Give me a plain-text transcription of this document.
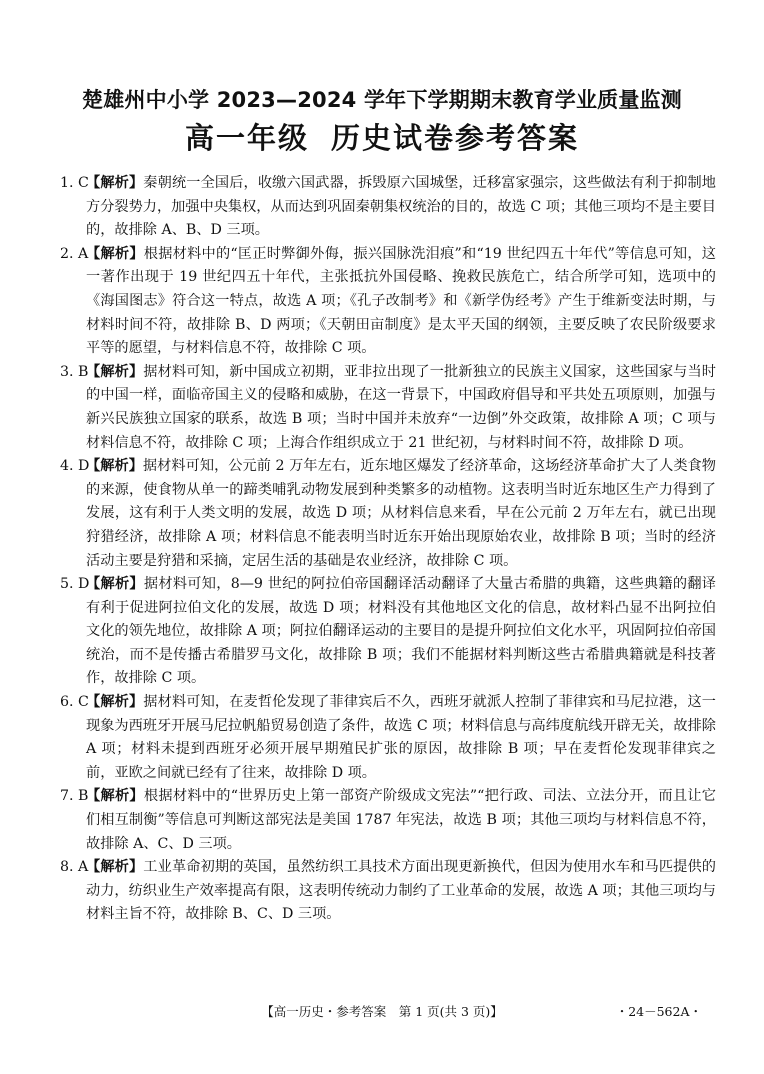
楚雄州中小学 2023—2024 学年下学期期末教育学业质量监测
高一年级 历史试卷参考答案
1. C
【解析】秦朝统一全国后，收缴六国武器，拆毁原六国城堡，迁移富家强宗，这些做法有利于抑制地方分裂势力，加强中央集权，从而达到巩固秦朝集权统治的目的，故选 C 项；其他三项均不是主要目的，故排除 A、B、D 三项。
2. A
【解析】根据材料中的“匡正时弊御外侮，振兴国脉洗泪痕”和“19 世纪四五十年代”等信息可知，这一著作出现于 19 世纪四五十年代，主张抵抗外国侵略、挽救民族危亡，结合所学可知，选项中的《海国图志》符合这一特点，故选 A 项；《孔子改制考》和《新学伪经考》产生于维新变法时期，与材料时间不符，故排除 B、D 两项；《天朝田亩制度》是太平天国的纲领，主要反映了农民阶级要求平等的愿望，与材料信息不符，故排除 C 项。
3. B
【解析】据材料可知，新中国成立初期，亚非拉出现了一批新独立的民族主义国家，这些国家与当时的中国一样，面临帝国主义的侵略和威胁，在这一背景下，中国政府倡导和平共处五项原则，加强与新兴民族独立国家的联系，故选 B 项；当时中国并未放弃“一边倒”外交政策，故排除 A 项；C 项与材料信息不符，故排除 C 项；上海合作组织成立于 21 世纪初，与材料时间不符，故排除 D 项。
4. D
【解析】据材料可知，公元前 2 万年左右，近东地区爆发了经济革命，这场经济革命扩大了人类食物的来源，使食物从单一的蹄类哺乳动物发展到种类繁多的动植物。这表明当时近东地区生产力得到了发展，这有利于人类文明的发展，故选 D 项；从材料信息来看，早在公元前 2 万年左右，就已出现狩猎经济，故排除 A 项；材料信息不能表明当时近东开始出现原始农业，故排除 B 项；当时的经济活动主要是狩猎和采摘，定居生活的基础是农业经济，故排除 C 项。
5. D
【解析】据材料可知，8—9 世纪的阿拉伯帝国翻译活动翻译了大量古希腊的典籍，这些典籍的翻译有利于促进阿拉伯文化的发展，故选 D 项；材料没有其他地区文化的信息，故材料凸显不出阿拉伯文化的领先地位，故排除 A 项；阿拉伯翻译运动的主要目的是提升阿拉伯文化水平，巩固阿拉伯帝国统治，而不是传播古希腊罗马文化，故排除 B 项；我们不能据材料判断这些古希腊典籍就是科技著作，故排除 C 项。
6. C
【解析】据材料可知，在麦哲伦发现了菲律宾后不久，西班牙就派人控制了菲律宾和马尼拉港，这一现象为西班牙开展马尼拉帆船贸易创造了条件，故选 C 项；材料信息与高纬度航线开辟无关，故排除 A 项；材料未提到西班牙必须开展早期殖民扩张的原因，故排除 B 项；早在麦哲伦发现菲律宾之前，亚欧之间就已经有了往来，故排除 D 项。
7. B
【解析】根据材料中的“世界历史上第一部资产阶级成文宪法”“把行政、司法、立法分开，而且让它们相互制衡”等信息可判断这部宪法是美国 1787 年宪法，故选 B 项；其他三项均与材料信息不符，故排除 A、C、D 三项。
8. A
【解析】工业革命初期的英国，虽然纺织工具技术方面出现更新换代，但因为使用水车和马匹提供的动力，纺织业生产效率提高有限，这表明传统动力制约了工业革命的发展，故选 A 项；其他三项均与材料主旨不符，故排除 B、C、D 三项。
【高一历史・参考答案　第 1 页(共 3 页)】	・24－562A・
